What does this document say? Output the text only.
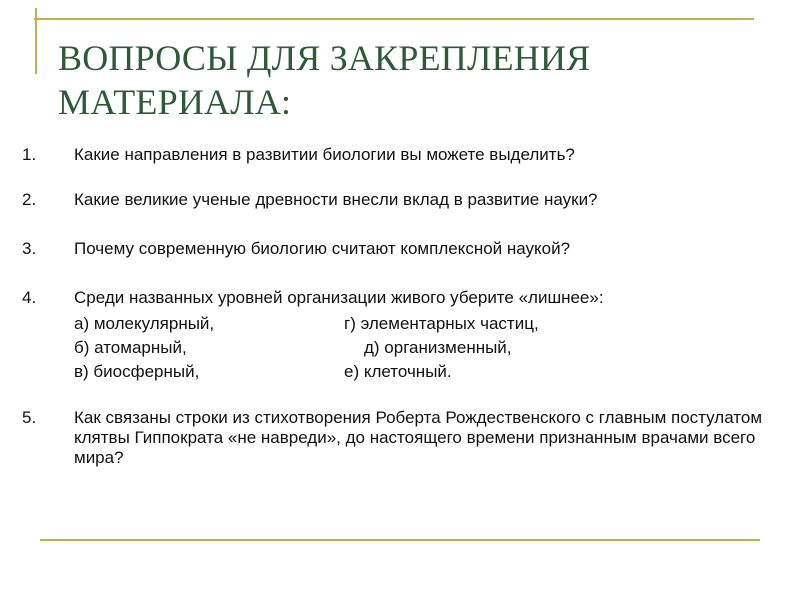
ВОПРОСЫ ДЛЯ ЗАКРЕПЛЕНИЯ
МАТЕРИАЛА:
1. Какие направления в развитии биологии вы можете выделить?
2. Какие великие ученые древности внесли вклад в развитие науки?
3. Почему современную биологию считают комплексной наукой?
4. Среди названных уровней организации живого уберите «лишнее»:
а) молекулярный,	г) элементарных частиц,
б) атомарный,	д) организменный,
в) биосферный,	е) клеточный.
5. Как связаны строки из стихотворения Роберта Рождественского с главным постулатом клятвы Гиппократа «не навреди», до настоящего времени признанным врачами всего мира?
